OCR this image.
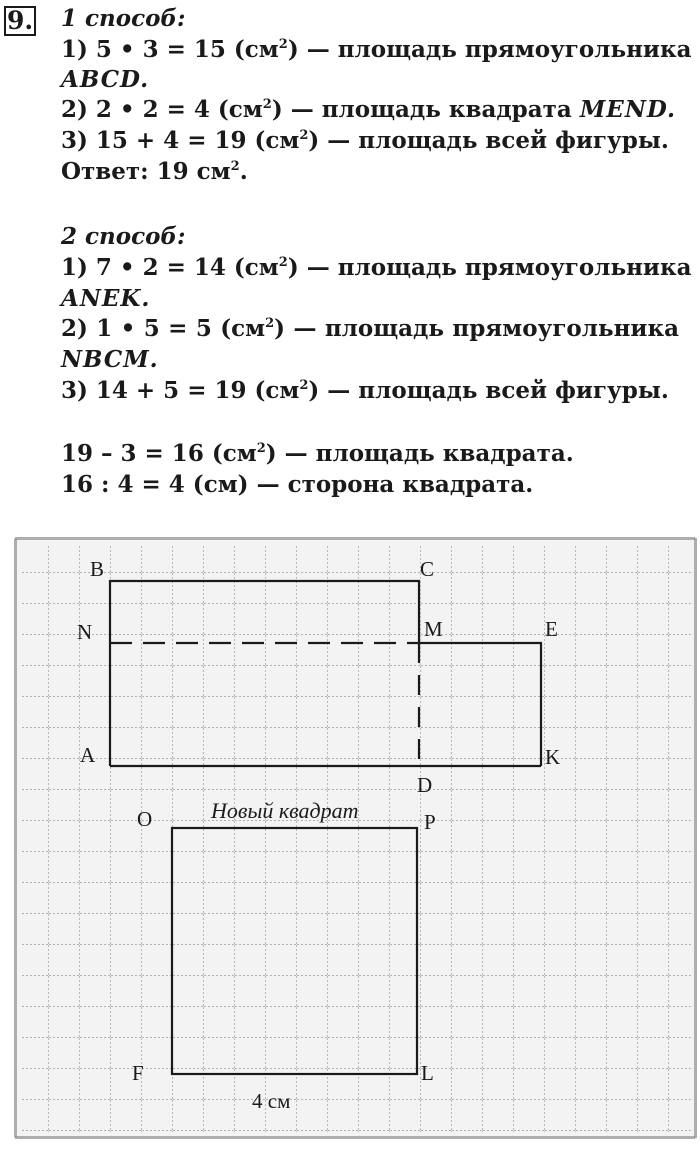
9. 1 способ:
1) 5 • 3 = 15 $(см^2)$ — площадь прямоугольника
ABCD.
2) 2 • 2 = 4 $(см^2)$ — площадь квадрата MEND.
3) 15 + 4 = 19 $(см^2)$ — площадь всей фигуры.
Ответ: 19 $см^2$.
2 способ:
1) 7 • 2 = 14 $(см^2)$ — площадь прямоугольника
ANEK.
2) 1 • 5 = 5 $(см^2)$ — площадь прямоугольника
NBCM.
3) 14 + 5 = 19 $(см^2)$ — площадь всей фигуры.
19 – 3 = 16 $(см^2)$ — площадь квадрата.
16 : 4 = 4 (см) — сторона квадрата.
B	C
N	M	E
A
D
K
O	P
F	L
Новый квадрат
4 см
